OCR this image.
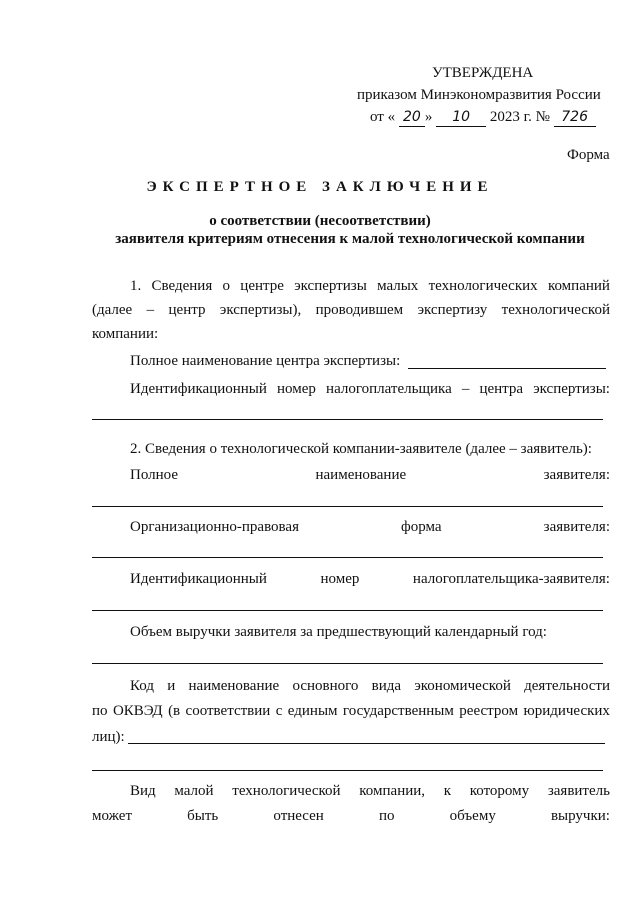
УТВЕРЖДЕНА
приказом Минэкономразвития России
от « 20 » 10 2023 г. № 726
Форма
ЭКСПЕРТНОЕ ЗАКЛЮЧЕНИЕ
о соответствии (несоответствии)
заявителя критериям отнесения к малой технологической компании
1. Сведения о центре экспертизы малых технологических компаний
(далее – центр экспертизы), проводившем экспертизу технологической
компании:
Полное наименование центра экспертизы:
Идентификационный номер налогоплательщика – центра экспертизы:
2. Сведения о технологической компании-заявителе (далее – заявитель):
Полное	наименование	заявителя:
Организационно-правовая	форма	заявителя:
Идентификационный	номер	налогоплательщика-заявителя:
Объем выручки заявителя за предшествующий календарный год:
Код и наименование основного вида экономической деятельности
по ОКВЭД (в соответствии с единым государственным реестром юридических
лиц):
Вид малой технологической компании, к которому заявитель
может	быть	отнесен	по	объему	выручки:
